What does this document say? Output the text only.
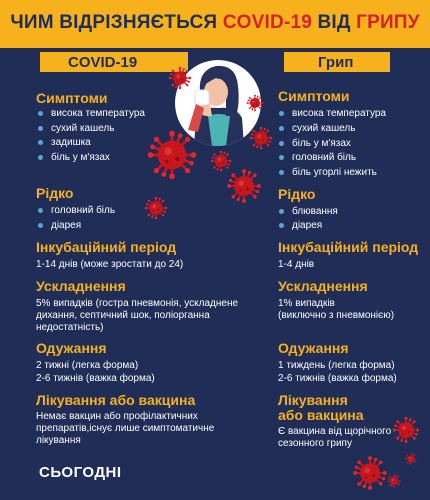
ЧИМ ВІДРІЗНЯЄТЬСЯ COVID-19 ВІД ГРИПУ
COVID-19	Грип
Симптоми
висока температура
сухий кашель
задишка
біль у м'язах
Рідко
головний біль
діарея
Інкубаційний період
1-14 днів (може зростати до 24)
Ускладнення
5% випадків (гостра пневмонія, ускладнене
дихання, септичний шок, поліорганна
недостатність)
Одужання
2 тижні (легка форма)
2-6 тижнів (важка форма)
Лікування або вакцина
Немає вакцин або профілактичних
препаратів,існує лише симптоматичне
лікування
Симптоми
висока температура
сухий кашель
біль у м'язах
головний біль
біль угорлі нежить
Рідко
блювання
діарея
Інкубаційний період
1-4 днів
Ускладнення
1% випадків
(виключно з пневмонією)
Одужання
1 тиждень (легка форма)
2-6 тижнів (важка форма)
Лікування
або вакцина
Є вакцина від щорічного
сезонного грипу
СЬОГОДНІ
